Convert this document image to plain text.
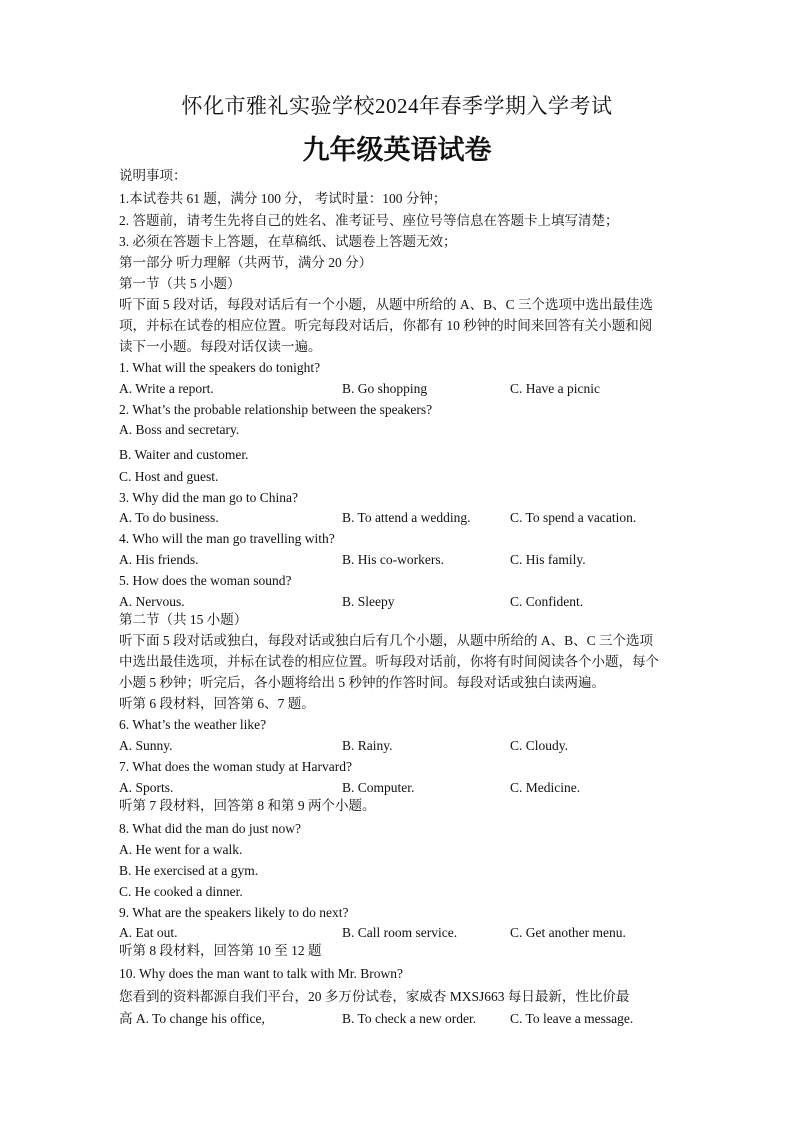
怀化市雅礼实验学校2024年春季学期入学考试
九年级英语试卷
说明事项：
1.本试卷共 61 题，满分 100 分， 考试时量：100 分钟；
2. 答题前，请考生先将自己的姓名、准考证号、座位号等信息在答题卡上填写清楚；
3. 必须在答题卡上答题，在草稿纸、试题卷上答题无效；
第一部分 听力理解（共两节，满分 20 分）
第一节（共 5 小题）
听下面 5 段对话，每段对话后有一个小题，从题中所给的 A、B、C 三个选项中选出最佳选
项，并标在试卷的相应位置。听完每段对话后，你都有 10 秒钟的时间来回答有关小题和阅
读下一小题。每段对话仅读一遍。
1. What will the speakers do tonight?
A. Write a report.	B. Go shopping	C. Have a picnic
2. What’s the probable relationship between the speakers?
A. Boss and secretary.
B. Waiter and customer.
C. Host and guest.
3. Why did the man go to China?
A. To do business.	B. To attend a wedding.	C. To spend a vacation.
4. Who will the man go travelling with?
A. His friends.	B. His co-workers.	C. His family.
5. How does the woman sound?
A. Nervous.	B. Sleepy	C. Confident.
第二节（共 15 小题）
听下面 5 段对话或独白，每段对话或独白后有几个小题，从题中所给的 A、B、C 三个选项
中选出最佳选项，并标在试卷的相应位置。听每段对话前，你将有时间阅读各个小题，每个
小题 5 秒钟；听完后，各小题将给出 5 秒钟的作答时间。每段对话或独白读两遍。
听第 6 段材料，回答第 6、7 题。
6. What’s the weather like?
A. Sunny.	B. Rainy.	C. Cloudy.
7. What does the woman study at Harvard?
A. Sports.	B. Computer.	C. Medicine.
听第 7 段材料，回答第 8 和第 9 两个小题。
8. What did the man do just now?
A. He went for a walk.
B. He exercised at a gym.
C. He cooked a dinner.
9. What are the speakers likely to do next?
A. Eat out.	B. Call room service.	C. Get another menu.
听第 8 段材料，回答第 10 至 12 题
10. Why does the man want to talk with Mr. Brown?
您看到的资料都源自我们平台，20 多万份试卷，家威杏 MXSJ663 每日最新，性比价最
高 A. To change his office,	B. To check a new order.	C. To leave a message.
